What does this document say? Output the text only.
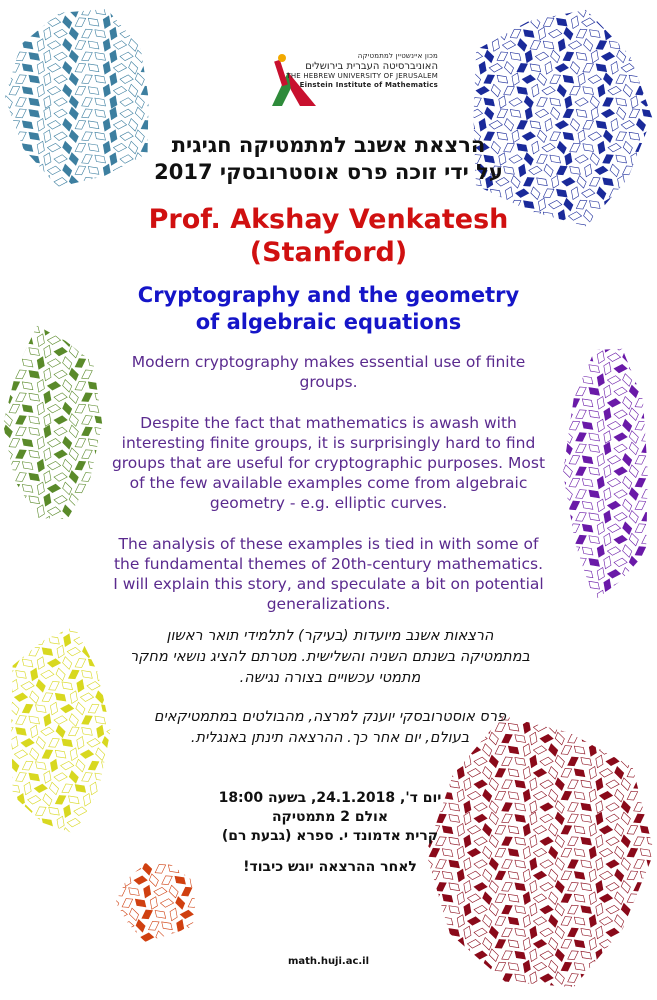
מכון איינשטיין למתמטיקה
האוניברסיטה העברית בירושלים
THE HEBREW UNIVERSITY OF JERUSALEM
Einstein Institute of Mathematics
הרצאת אשנב למתמטיקה חגיגית
על ידי זוכה פרס אוסטרובסקי 2017
Prof. Akshay Venkatesh
(Stanford)
Cryptography and the geometry
of algebraic equations

Modern cryptography makes essential use of finite groups.

Despite the fact that mathematics is awash with interesting finite groups, it is surprisingly hard to find groups that are useful for cryptographic purposes. Most of the few available examples come from algebraic geometry - e.g. elliptic curves.

The analysis of these examples is tied in with some of the fundamental themes of 20th-century mathematics. I will explain this story, and speculate a bit on potential generalizations.

הרצאות אשנב מיועדות (בעיקר) לתלמידי תואר ראשון במתמטיקה בשנתם השניה והשלישית. מטרתם להציג נושאי מחקר מתמטי עכשויים בצורה נגישה.

פרס אוסטרובסקי יוענק למרצה, מהבולטים במתמטיקאים בעולם, יום אחר כך. ההרצאה תינתן באנגלית.

יום ד', 24.1.2018, בשעה 18:00
אולם 2 מתמטיקה
קרית אדמונד י. ספרא (גבעת רם)
לאחר ההרצאה יוגש כיבוד!
math.huji.ac.il
